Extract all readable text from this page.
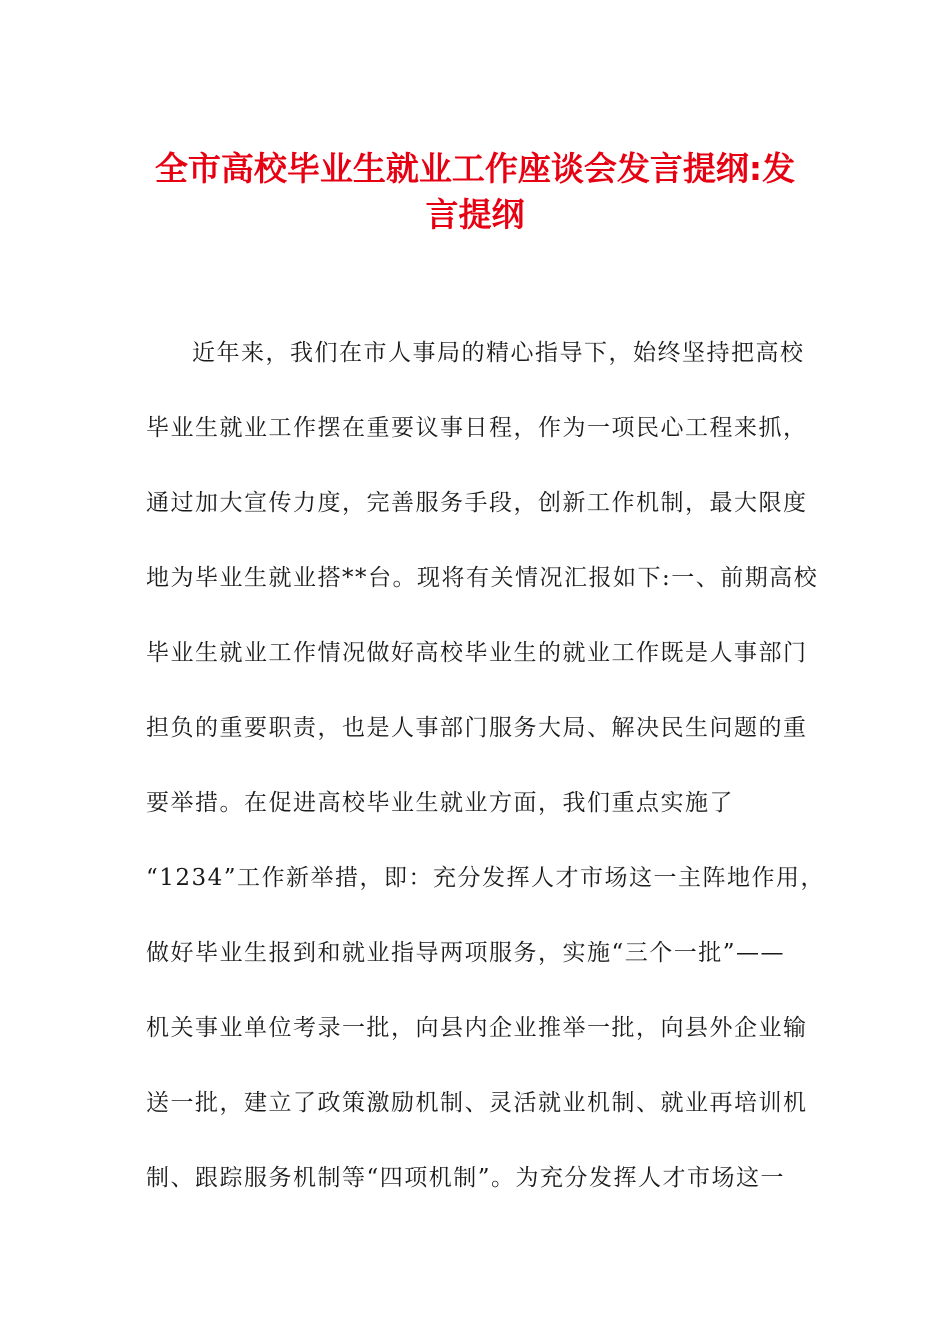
全市高校毕业生就业工作座谈会发言提纲:发
言提纲
近年来，我们在市人事局的精心指导下，始终坚持把高校
毕业生就业工作摆在重要议事日程，作为一项民心工程来抓，
通过加大宣传力度，完善服务手段，创新工作机制，最大限度
地为毕业生就业搭**台。现将有关情况汇报如下:一、前期高校
毕业生就业工作情况做好高校毕业生的就业工作既是人事部门
担负的重要职责，也是人事部门服务大局、解决民生问题的重
要举措。在促进高校毕业生就业方面，我们重点实施了
“1234”工作新举措，即：充分发挥人才市场这一主阵地作用，
做好毕业生报到和就业指导两项服务，实施“三个一批”——
机关事业单位考录一批，向县内企业推举一批，向县外企业输
送一批，建立了政策激励机制、灵活就业机制、就业再培训机
制、跟踪服务机制等“四项机制”。为充分发挥人才市场这一
